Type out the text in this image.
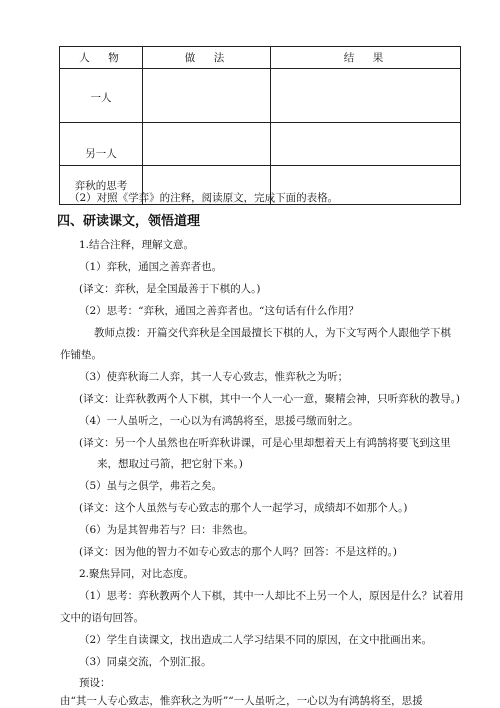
人　物	做　法	结　果
一人		
另一人		
弈秋的思考		
（2）对照《学弈》的注释，阅读原文，完成下面的表格。
四、研读课文，领悟道理
1.结合注释，理解文意。
（1）弈秋，通国之善弈者也。
(译文：弈秋，是全国最善于下棋的人。)
（2）思考：“弈秋，通国之善弈者也。“这句话有什么作用？
教师点拨：开篇交代弈秋是全国最擅长下棋的人，为下文写两个人跟他学下棋
作铺垫。
（3）使弈秋诲二人弈，其一人专心致志，惟弈秋之为听；
(译文：让弈秋教两个人下棋，其中一个人一心一意，聚精会神，只听弈秋的教导。)
（4）一人虽听之，一心以为有鸿鹄将至，思援弓缴而射之。
(译文：另一个人虽然也在听弈秋讲课，可是心里却想着天上有鸿鹄将要飞到这里
来，想取过弓箭，把它射下来。)
（5）虽与之俱学，弗若之矣。
(译文：这个人虽然与专心致志的那个人一起学习，成绩却不如那个人。)
（6）为是其智弗若与？曰：非然也。
(译文：因为他的智力不如专心致志的那个人吗？回答：不是这样的。)
2.聚焦异同，对比态度。
（1）思考：弈秋教两个人下棋，其中一人却比不上另一个人，原因是什么？试着用
文中的语句回答。
（2）学生自读课文，找出造成二人学习结果不同的原因，在文中批画出来。
（3）同桌交流，个别汇报。
预设：
由“其一人专心致志，惟弈秋之为听”“一人虽听之，一心以为有鸿鹄将至，思援
